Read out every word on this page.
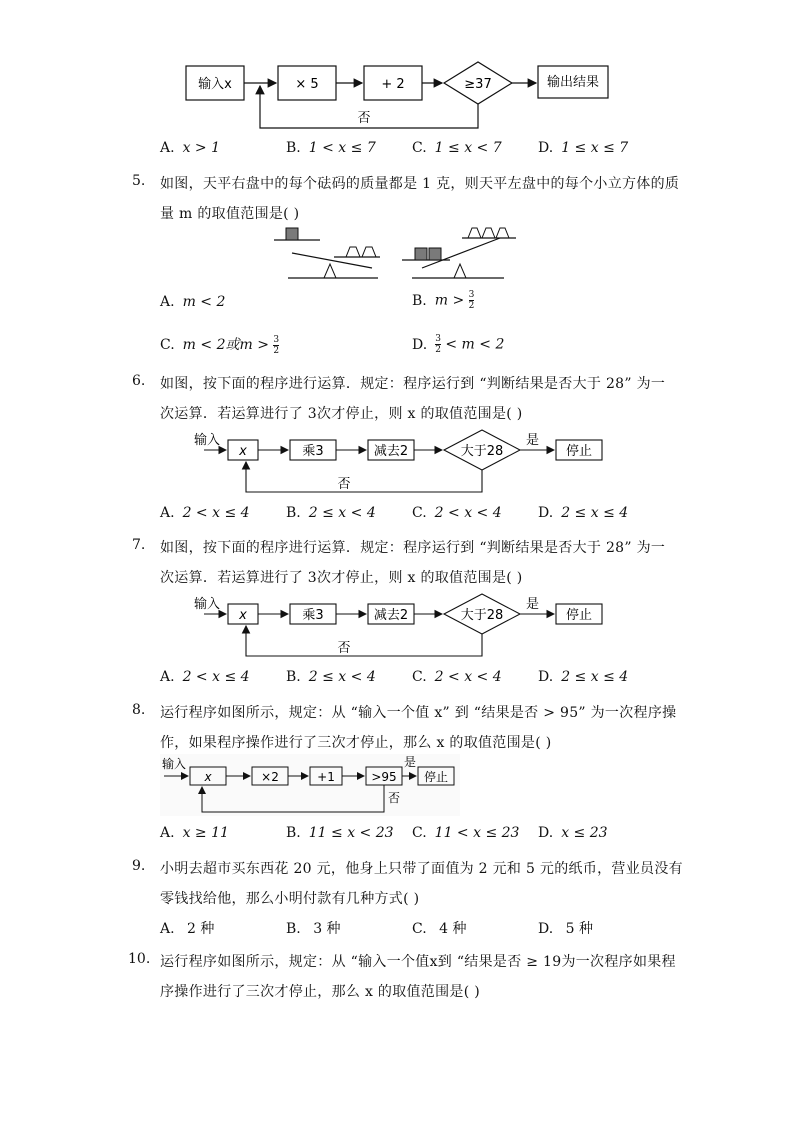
输入x	× 5	+ 2	≥37	输出结果
否
A. x > 1	B. 1 < x ≤ 7	C. 1 ≤ x < 7	D. 1 ≤ x ≤ 7
5. 如图，天平右盘中的每个砝码的质量都是 1 克，则天平左盘中的每个小立方体的质
量 m 的取值范围是( )
A. m < 2	B. $m > \frac{3}{2}$
C. m < 2或$m > \frac{3}{2}$	D. $\frac{3}{2} < m < 2$
6. 如图，按下面的程序进行运算．规定：程序运行到 “判断结果是否大于 28” 为一
次运算．若运算进行了 3次才停止，则 x 的取值范围是( )
输入
x	乘3	减去2	大于28
是
停止
否
A. 2 < x ≤ 4	B. 2 ≤ x < 4	C. 2 < x < 4	D. 2 ≤ x ≤ 4
7. 如图，按下面的程序进行运算．规定：程序运行到 “判断结果是否大于 28” 为一
次运算．若运算进行了 3次才停止，则 x 的取值范围是( )
输入
x	乘3	减去2	大于28
是
停止
否
A. 2 < x ≤ 4	B. 2 ≤ x < 4	C. 2 < x < 4	D. 2 ≤ x ≤ 4
8. 运行程序如图所示，规定：从 “输入一个值 x” 到 “结果是否 > 95” 为一次程序操
作，如果程序操作进行了三次才停止，那么 x 的取值范围是( )
输入
x	×2	+1	>95
是
停止
否
A. x ≥ 11	B. 11 ≤ x < 23 C. 11 < x ≤ 23 D. x ≤ 23
9. 小明去超市买东西花 20 元，他身上只带了面值为 2 元和 5 元的纸币，营业员没有
零钱找给他，那么小明付款有几种方式( )
A. 2 种	B. 3 种	C. 4 种	D. 5 种
10. 运行程序如图所示，规定：从 “输入一个值x到 “结果是否 ≥ 19为一次程序如果程
序操作进行了三次才停止，那么 x 的取值范围是( )
